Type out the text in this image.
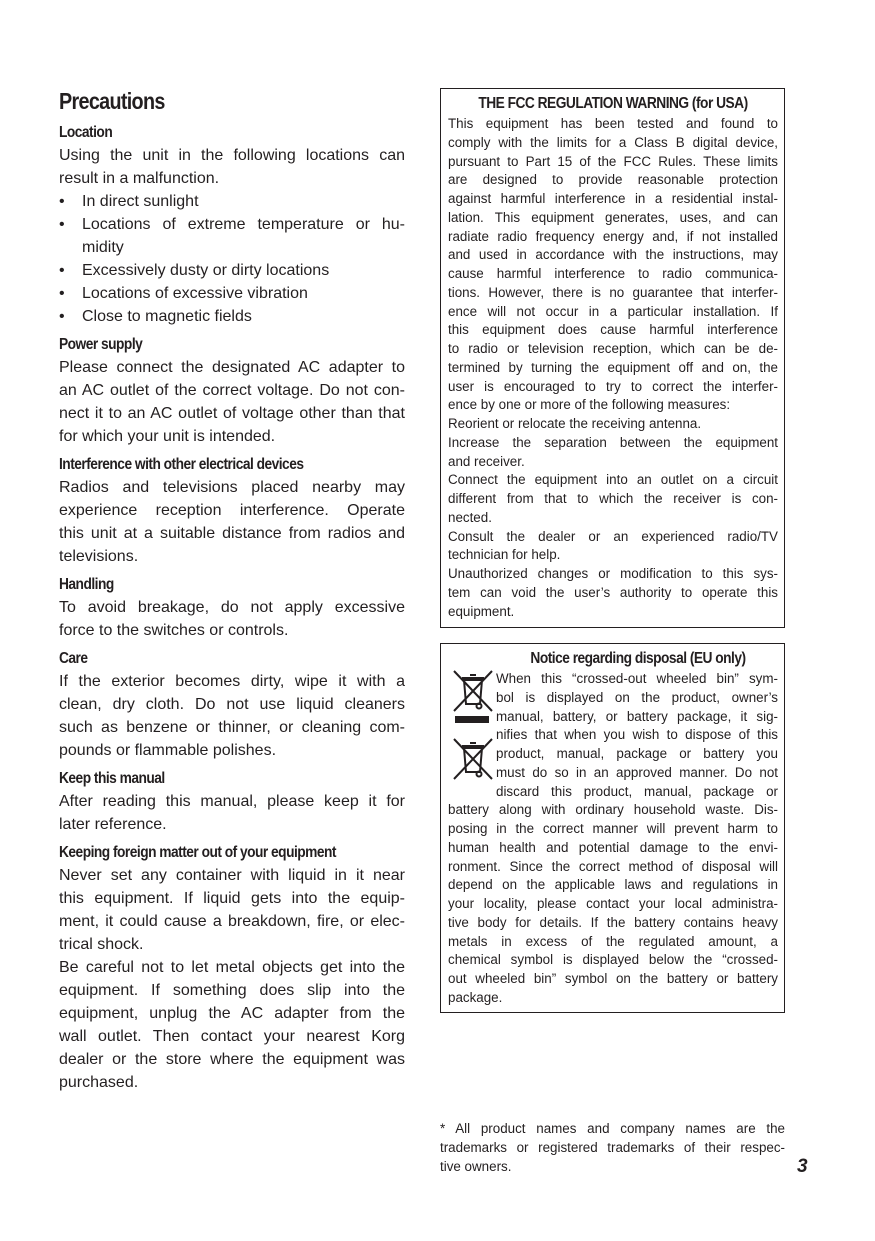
Precautions
Location
Using the unit in the following locations can
result in a malfunction.
• In direct sunlight
• Locations of extreme temperature or hu-
midity
• Excessively dusty or dirty locations
• Locations of excessive vibration
• Close to magnetic fields
Power supply
Please connect the designated AC adapter to
an AC outlet of the correct voltage. Do not con-
nect it to an AC outlet of voltage other than that
for which your unit is intended.
Interference with other electrical devices
Radios and televisions placed nearby may
experience reception interference. Operate
this unit at a suitable distance from radios and
televisions.
Handling
To avoid breakage, do not apply excessive
force to the switches or controls.
Care
If the exterior becomes dirty, wipe it with a
clean, dry cloth. Do not use liquid cleaners
such as benzene or thinner, or cleaning com-
pounds or flammable polishes.
Keep this manual
After reading this manual, please keep it for
later reference.
Keeping foreign matter out of your equipment
Never set any container with liquid in it near
this equipment. If liquid gets into the equip-
ment, it could cause a breakdown, fire, or elec-
trical shock.
Be careful not to let metal objects get into the
equipment. If something does slip into the
equipment, unplug the AC adapter from the
wall outlet. Then contact your nearest Korg
dealer or the store where the equipment was
purchased.
THE FCC REGULATION WARNING (for USA)
This equipment has been tested and found to
comply with the limits for a Class B digital device,
pursuant to Part 15 of the FCC Rules. These limits
are designed to provide reasonable protection
against harmful interference in a residential instal-
lation. This equipment generates, uses, and can
radiate radio frequency energy and, if not installed
and used in accordance with the instructions, may
cause harmful interference to radio communica-
tions. However, there is no guarantee that interfer-
ence will not occur in a particular installation. If
this equipment does cause harmful interference
to radio or television reception, which can be de-
termined by turning the equipment off and on, the
user is encouraged to try to correct the interfer-
ence by one or more of the following measures:
Reorient or relocate the receiving antenna.
Increase the separation between the equipment
and receiver.
Connect the equipment into an outlet on a circuit
different from that to which the receiver is con-
nected.
Consult the dealer or an experienced radio/TV
technician for help.
Unauthorized changes or modification to this sys-
tem can void the user’s authority to operate this
equipment.
Notice regarding disposal (EU only)
When this “crossed-out wheeled bin” sym-
bol is displayed on the product, owner’s
manual, battery, or battery package, it sig-
nifies that when you wish to dispose of this
product, manual, package or battery you
must do so in an approved manner. Do not
discard this product, manual, package or
battery along with ordinary household waste. Dis-
posing in the correct manner will prevent harm to
human health and potential damage to the envi-
ronment. Since the correct method of disposal will
depend on the applicable laws and regulations in
your locality, please contact your local administra-
tive body for details. If the battery contains heavy
metals in excess of the regulated amount, a
chemical symbol is displayed below the “crossed-
out wheeled bin” symbol on the battery or battery
package.
* All product names and company names are the
trademarks or registered trademarks of their respec-
tive owners.	3
